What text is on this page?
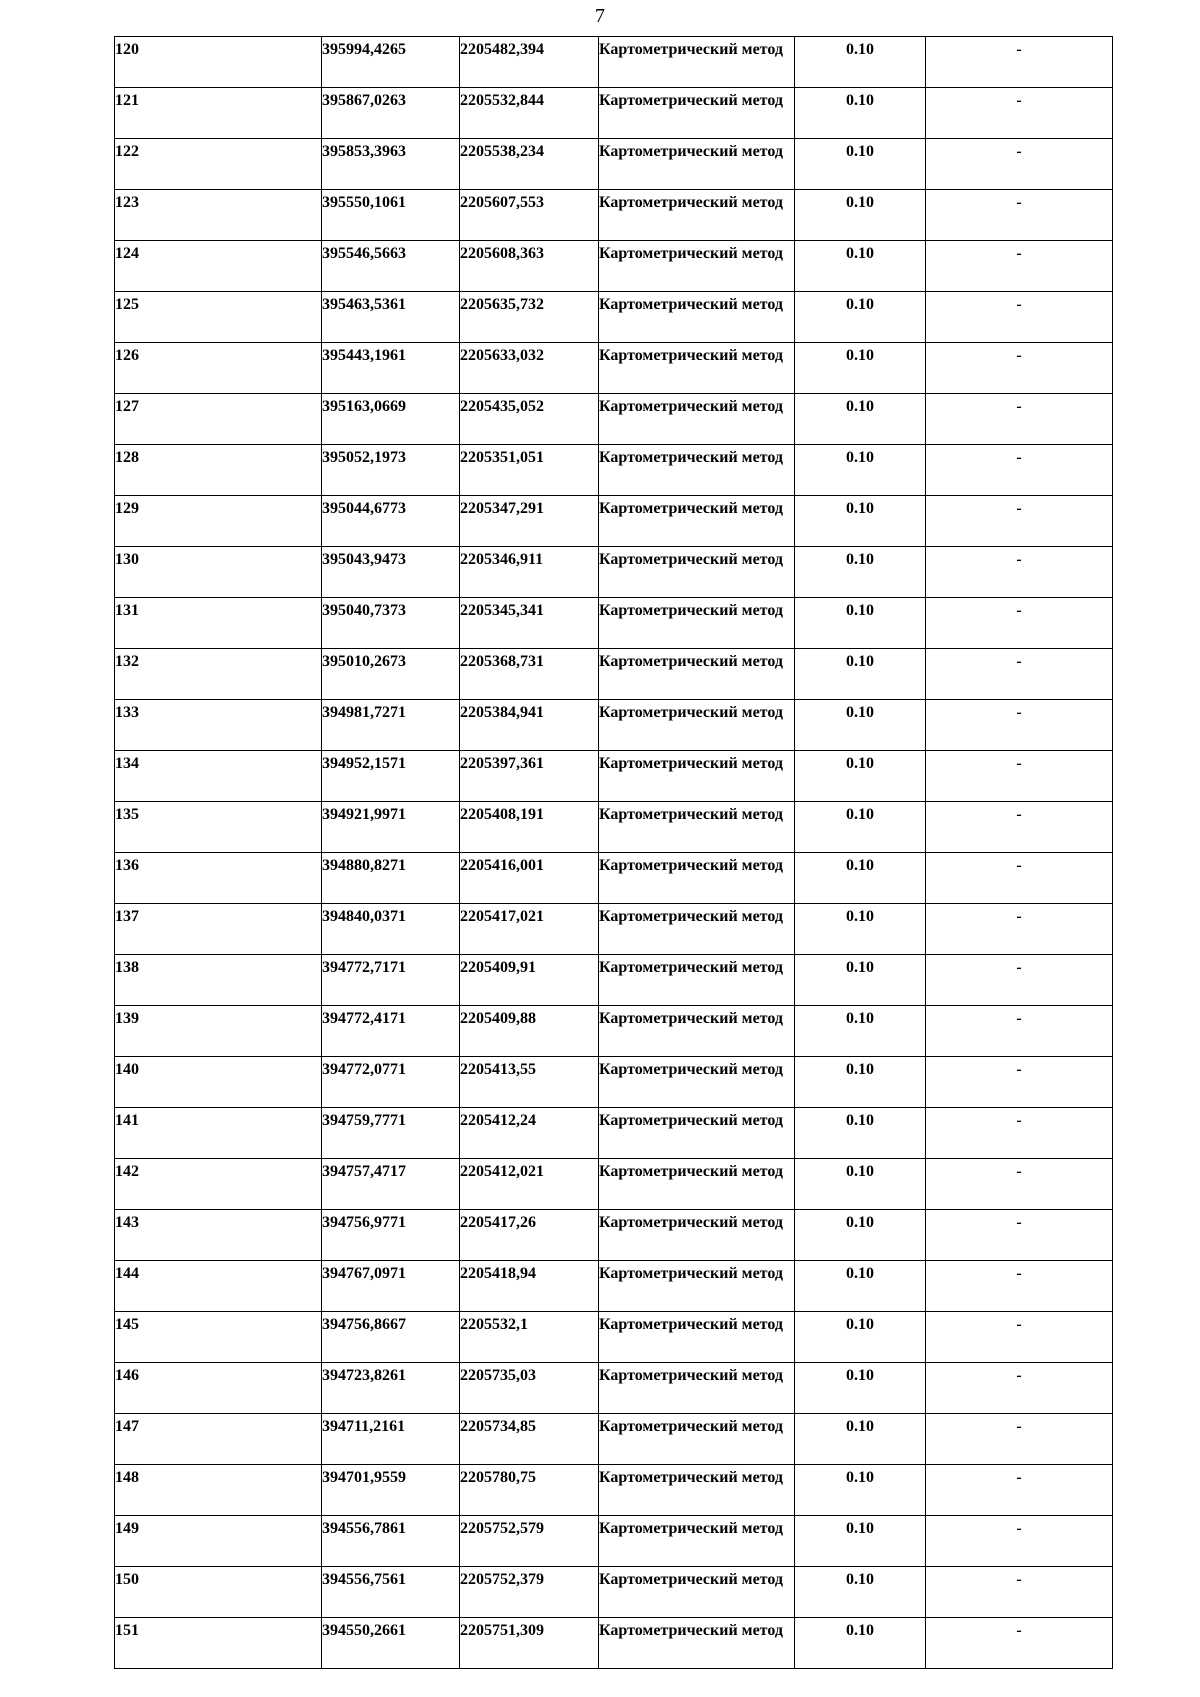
7
120	395994,4265	2205482,394	Картометрический метод	0.10	-
121	395867,0263	2205532,844	Картометрический метод	0.10	-
122	395853,3963	2205538,234	Картометрический метод	0.10	-
123	395550,1061	2205607,553	Картометрический метод	0.10	-
124	395546,5663	2205608,363	Картометрический метод	0.10	-
125	395463,5361	2205635,732	Картометрический метод	0.10	-
126	395443,1961	2205633,032	Картометрический метод	0.10	-
127	395163,0669	2205435,052	Картометрический метод	0.10	-
128	395052,1973	2205351,051	Картометрический метод	0.10	-
129	395044,6773	2205347,291	Картометрический метод	0.10	-
130	395043,9473	2205346,911	Картометрический метод	0.10	-
131	395040,7373	2205345,341	Картометрический метод	0.10	-
132	395010,2673	2205368,731	Картометрический метод	0.10	-
133	394981,7271	2205384,941	Картометрический метод	0.10	-
134	394952,1571	2205397,361	Картометрический метод	0.10	-
135	394921,9971	2205408,191	Картометрический метод	0.10	-
136	394880,8271	2205416,001	Картометрический метод	0.10	-
137	394840,0371	2205417,021	Картометрический метод	0.10	-
138	394772,7171	2205409,91	Картометрический метод	0.10	-
139	394772,4171	2205409,88	Картометрический метод	0.10	-
140	394772,0771	2205413,55	Картометрический метод	0.10	-
141	394759,7771	2205412,24	Картометрический метод	0.10	-
142	394757,4717	2205412,021	Картометрический метод	0.10	-
143	394756,9771	2205417,26	Картометрический метод	0.10	-
144	394767,0971	2205418,94	Картометрический метод	0.10	-
145	394756,8667	2205532,1	Картометрический метод	0.10	-
146	394723,8261	2205735,03	Картометрический метод	0.10	-
147	394711,2161	2205734,85	Картометрический метод	0.10	-
148	394701,9559	2205780,75	Картометрический метод	0.10	-
149	394556,7861	2205752,579	Картометрический метод	0.10	-
150	394556,7561	2205752,379	Картометрический метод	0.10	-
151	394550,2661	2205751,309	Картометрический метод	0.10	-
